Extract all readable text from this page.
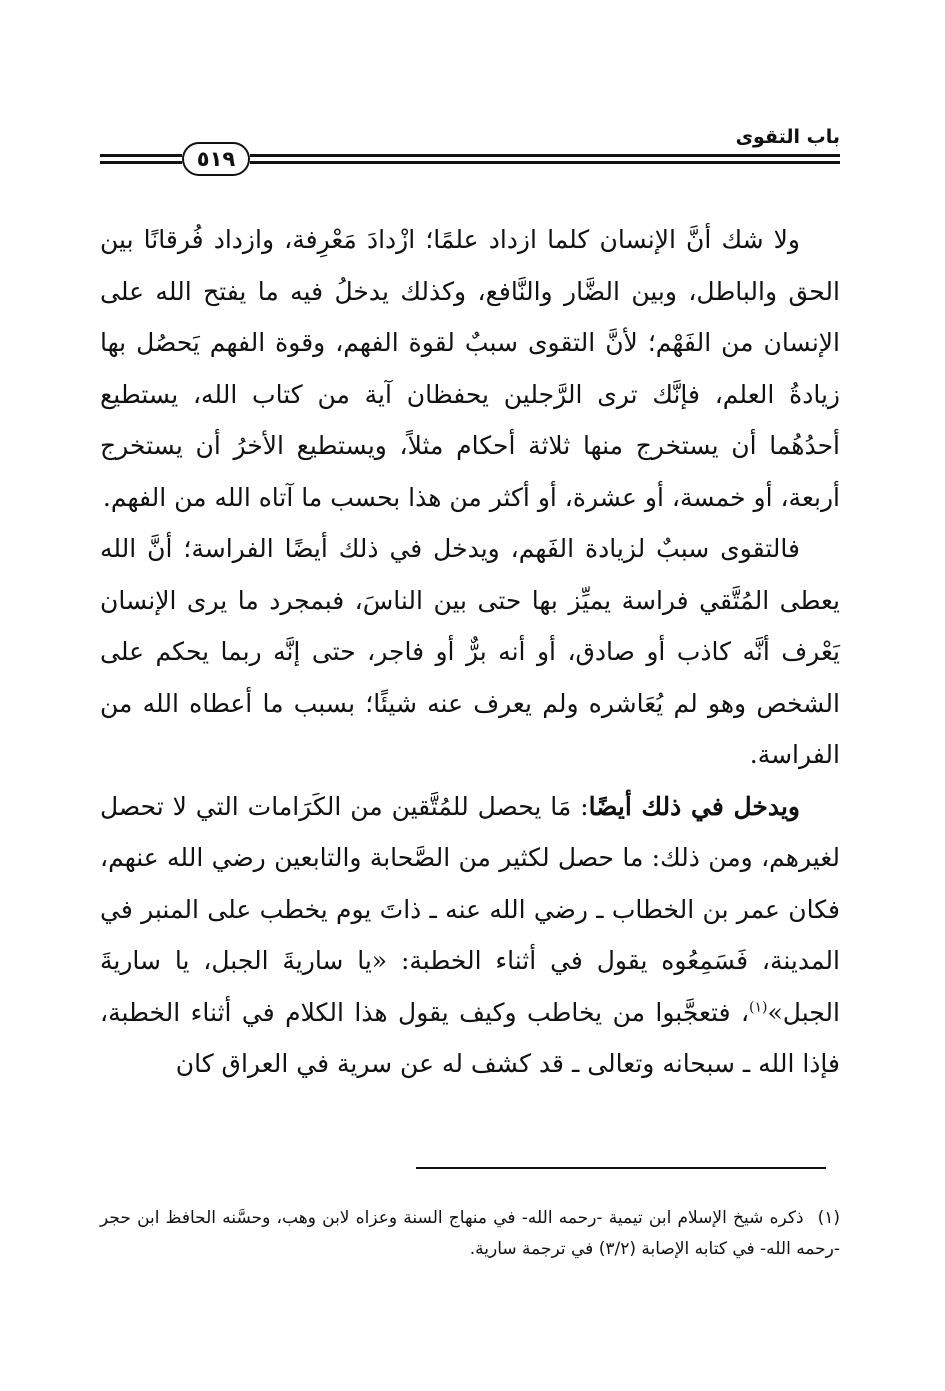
باب التقوى
٥١٩

ولا شك أنَّ الإنسان كلما ازداد علمًا؛ ازْدادَ مَعْرِفة، وازداد فُرقانًا بين الحق والباطل، وبين الضَّار والنَّافع، وكذلك يدخلُ فيه ما يفتح الله على الإنسان من الفَهْم؛ لأنَّ التقوى سببٌ لقوة الفهم، وقوة الفهم يَحصُل بها زيادةُ العلم، فإنَّك ترى الرَّجلين يحفظان آية من كتاب الله، يستطيع أحدُهُما أن يستخرج منها ثلاثة أحكام مثلاً، ويستطيع الأخرُ أن يستخرج أربعة، أو خمسة، أو عشرة، أو أكثر من هذا بحسب ما آتاه الله من الفهم.

فالتقوى سببٌ لزيادة الفَهم، ويدخل في ذلك أيضًا الفراسة؛ أنَّ الله يعطى المُتَّقي فراسة يميِّز بها حتى بين الناسَ، فبمجرد ما يرى الإنسان يَعْرف أنَّه كاذب أو صادق، أو أنه برٌّ أو فاجر، حتى إنَّه ربما يحكم على الشخص وهو لم يُعَاشره ولم يعرف عنه شيئًا؛ بسبب ما أعطاه الله من الفراسة.

ويدخل في ذلك أيضًا: مَا يحصل للمُتَّقين من الكَرَامات التي لا تحصل لغيرهم، ومن ذلك: ما حصل لكثير من الصَّحابة والتابعين رضي الله عنهم، فكان عمر بن الخطاب ـ رضي الله عنه ـ ذاتَ يوم يخطب على المنبر في المدينة، فَسَمِعُوه يقول في أثناء الخطبة: «يا ساريةَ الجبل، يا ساريةَ الجبل»$^{(١)}$، فتعجَّبوا من يخاطب وكيف يقول هذا الكلام في أثناء الخطبة، فإذا الله ـ سبحانه وتعالى ـ قد كشف له عن سرية في العراق كان

(١)ذكره شيخ الإسلام ابن تيمية -رحمه الله- في منهاج السنة وعزاه لابن وهب، وحسَّنه الحافظ ابن حجر -رحمه الله- في كتابه الإصابة (٣/٢) في ترجمة سارية.
